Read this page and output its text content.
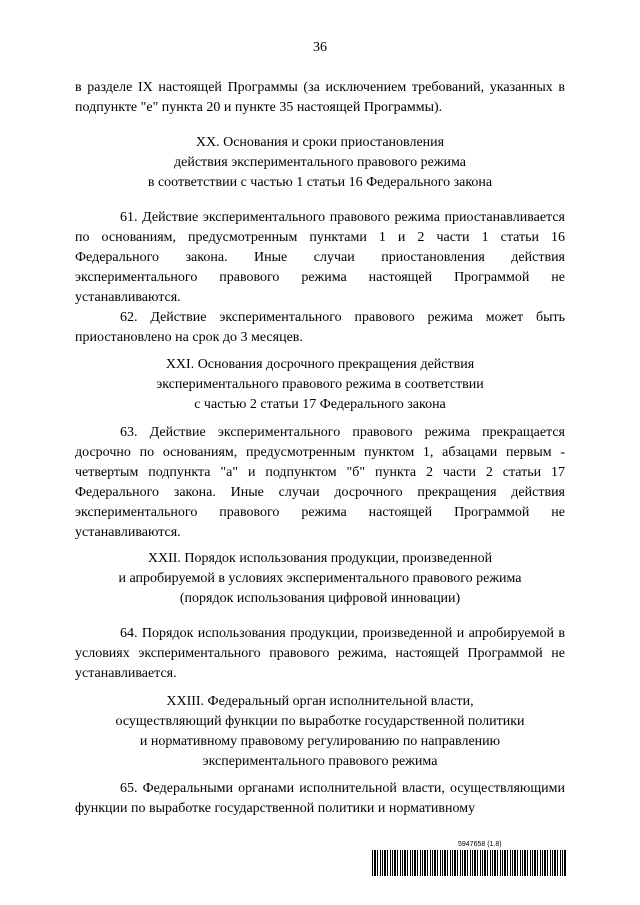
36

в разделе IX настоящей Программы (за исключением требований, указанных в подпункте "е" пункта 20 и пункте 35 настоящей Программы).

XX. Основания и сроки приостановления

действия экспериментального правового режима

в соответствии с частью 1 статьи 16 Федерального закона

61. Действие экспериментального правового режима приостанавливается по основаниям, предусмотренным пунктами 1 и 2 части 1 статьи 16 Федерального закона. Иные случаи приостановления действия экспериментального правового режима настоящей Программой не устанавливаются.

62. Действие экспериментального правового режима может быть приостановлено на срок до 3 месяцев.

XXI. Основания досрочного прекращения действия

экспериментального правового режима в соответствии

с частью 2 статьи 17 Федерального закона

63. Действие экспериментального правового режима прекращается досрочно по основаниям, предусмотренным пунктом 1, абзацами первым - четвертым подпункта "а" и подпунктом "б" пункта 2 части 2 статьи 17 Федерального закона. Иные случаи досрочного прекращения действия экспериментального правового режима настоящей Программой не устанавливаются.

XXII. Порядок использования продукции, произведенной

и апробируемой в условиях экспериментального правового режима

(порядок использования цифровой инновации)

64. Порядок использования продукции, произведенной и апробируемой в условиях экспериментального правового режима, настоящей Программой не устанавливается.

XXIII. Федеральный орган исполнительной власти,

осуществляющий функции по выработке государственной политики

и нормативному правовому регулированию по направлению

экспериментального правового режима

65. Федеральными органами исполнительной власти, осуществляющими функции по выработке государственной политики и нормативному

5947658 (1.8)
